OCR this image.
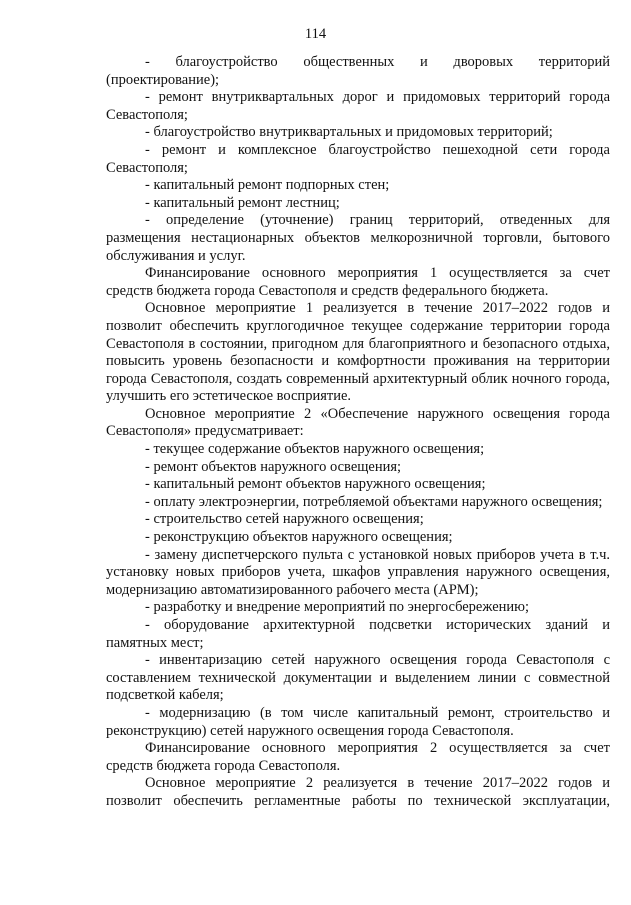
114

- благоустройство общественных и дворовых территорий (проектирование);

- ремонт внутриквартальных дорог и придомовых территорий города Севастополя;

- благоустройство внутриквартальных и придомовых территорий;

- ремонт и комплексное благоустройство пешеходной сети города Севастополя;

- капитальный ремонт подпорных стен;

- капитальный ремонт лестниц;

- определение (уточнение) границ территорий, отведенных для размещения нестационарных объектов мелкорозничной торговли, бытового обслуживания и услуг.

Финансирование основного мероприятия 1 осуществляется за счет средств бюджета города Севастополя и средств федерального бюджета.

Основное мероприятие 1 реализуется в течение 2017–2022 годов и позволит обеспечить круглогодичное текущее содержание территории города Севастополя в состоянии, пригодном для благоприятного и безопасного отдыха, повысить уровень безопасности и комфортности проживания на территории города Севастополя, создать современный архитектурный облик ночного города, улучшить его эстетическое восприятие.

Основное мероприятие 2 «Обеспечение наружного освещения города Севастополя» предусматривает:

- текущее содержание объектов наружного освещения;

- ремонт объектов наружного освещения;

- капитальный ремонт объектов наружного освещения;

- оплату электроэнергии, потребляемой объектами наружного освещения;

- строительство сетей наружного освещения;

- реконструкцию объектов наружного освещения;

- замену диспетчерского пульта с установкой новых приборов учета в т.ч. установку новых приборов учета, шкафов управления наружного освещения, модернизацию автоматизированного рабочего места (АРМ);

- разработку и внедрение мероприятий по энергосбережению;

- оборудование архитектурной подсветки исторических зданий и памятных мест;

- инвентаризацию сетей наружного освещения города Севастополя с составлением технической документации и выделением линии с совместной подсветкой кабеля;

- модернизацию (в том числе капитальный ремонт, строительство и реконструкцию) сетей наружного освещения города Севастополя.

Финансирование основного мероприятия 2 осуществляется за счет средств бюджета города Севастополя.

Основное мероприятие 2 реализуется в течение 2017–2022 годов и позволит обеспечить регламентные работы по технической эксплуатации,
